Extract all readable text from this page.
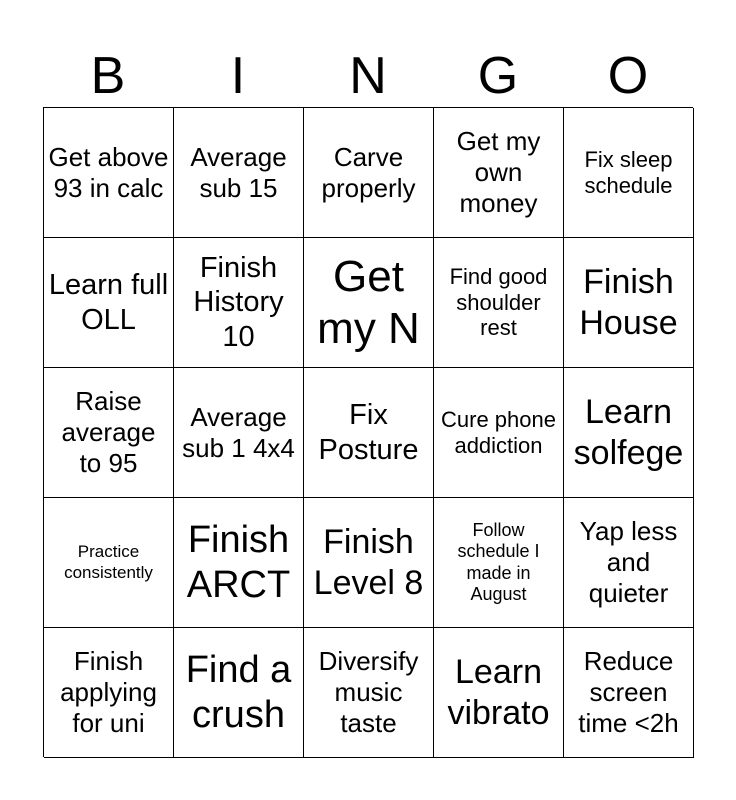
B	I	N	G	O
Get above 93 in calc
Average sub 15
Carve properly
Get my own money
Fix sleep schedule
Learn full OLL
Finish History 10
Get my N
Find good shoulder rest
Finish House
Raise average to 95
Average sub 1 4x4
Fix Posture
Cure phone addiction
Learn solfege
Practice consistently
Finish ARCT
Finish Level 8
Follow schedule I made in August
Yap less and quieter
Finish applying for uni
Find a crush
Diversify music taste
Learn vibrato
Reduce screen time <2h
